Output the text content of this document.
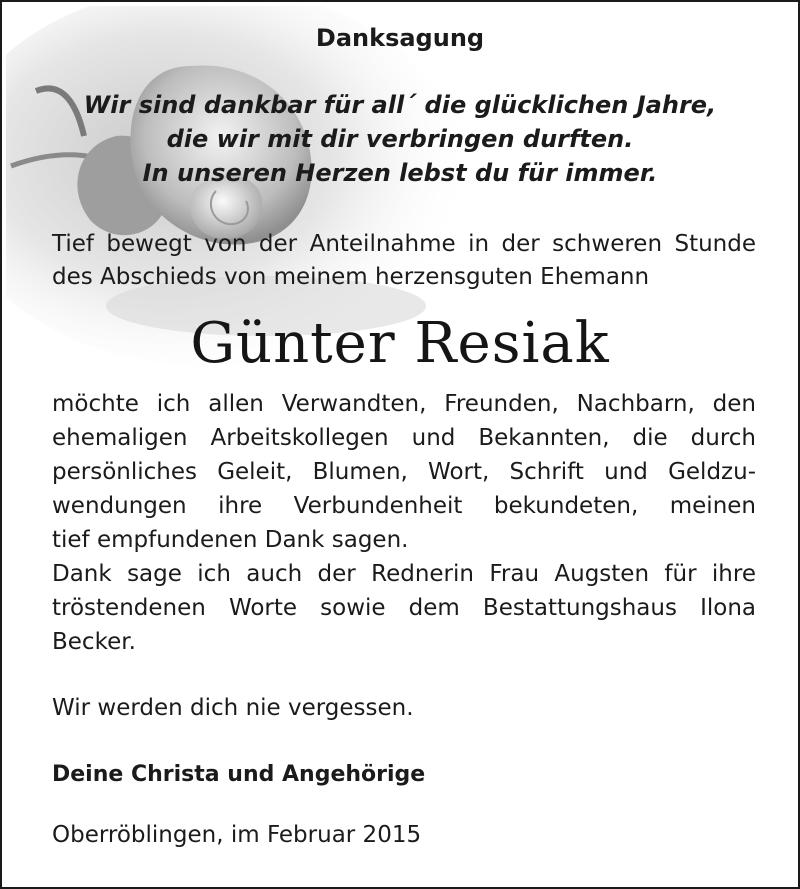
Danksagung
Wir sind dankbar für all´ die glücklichen Jahre,
die wir mit dir verbringen durften.
In unseren Herzen lebst du für immer.
Tief bewegt von der Anteilnahme in der schweren Stunde
des Abschieds von meinem herzensguten Ehemann
Günter Resiak
möchte ich allen Verwandten, Freunden, Nachbarn, den
ehemaligen Arbeitskollegen und Bekannten, die durch
persönliches Geleit, Blumen, Wort, Schrift und Geldzu-
wendungen ihre Verbundenheit bekundeten, meinen
tief empfundenen Dank sagen.
Dank sage ich auch der Rednerin Frau Augsten für ihre
tröstendenen Worte sowie dem Bestattungshaus Ilona
Becker.
Wir werden dich nie vergessen.
Deine Christa und Angehörige
Oberröblingen, im Februar 2015
